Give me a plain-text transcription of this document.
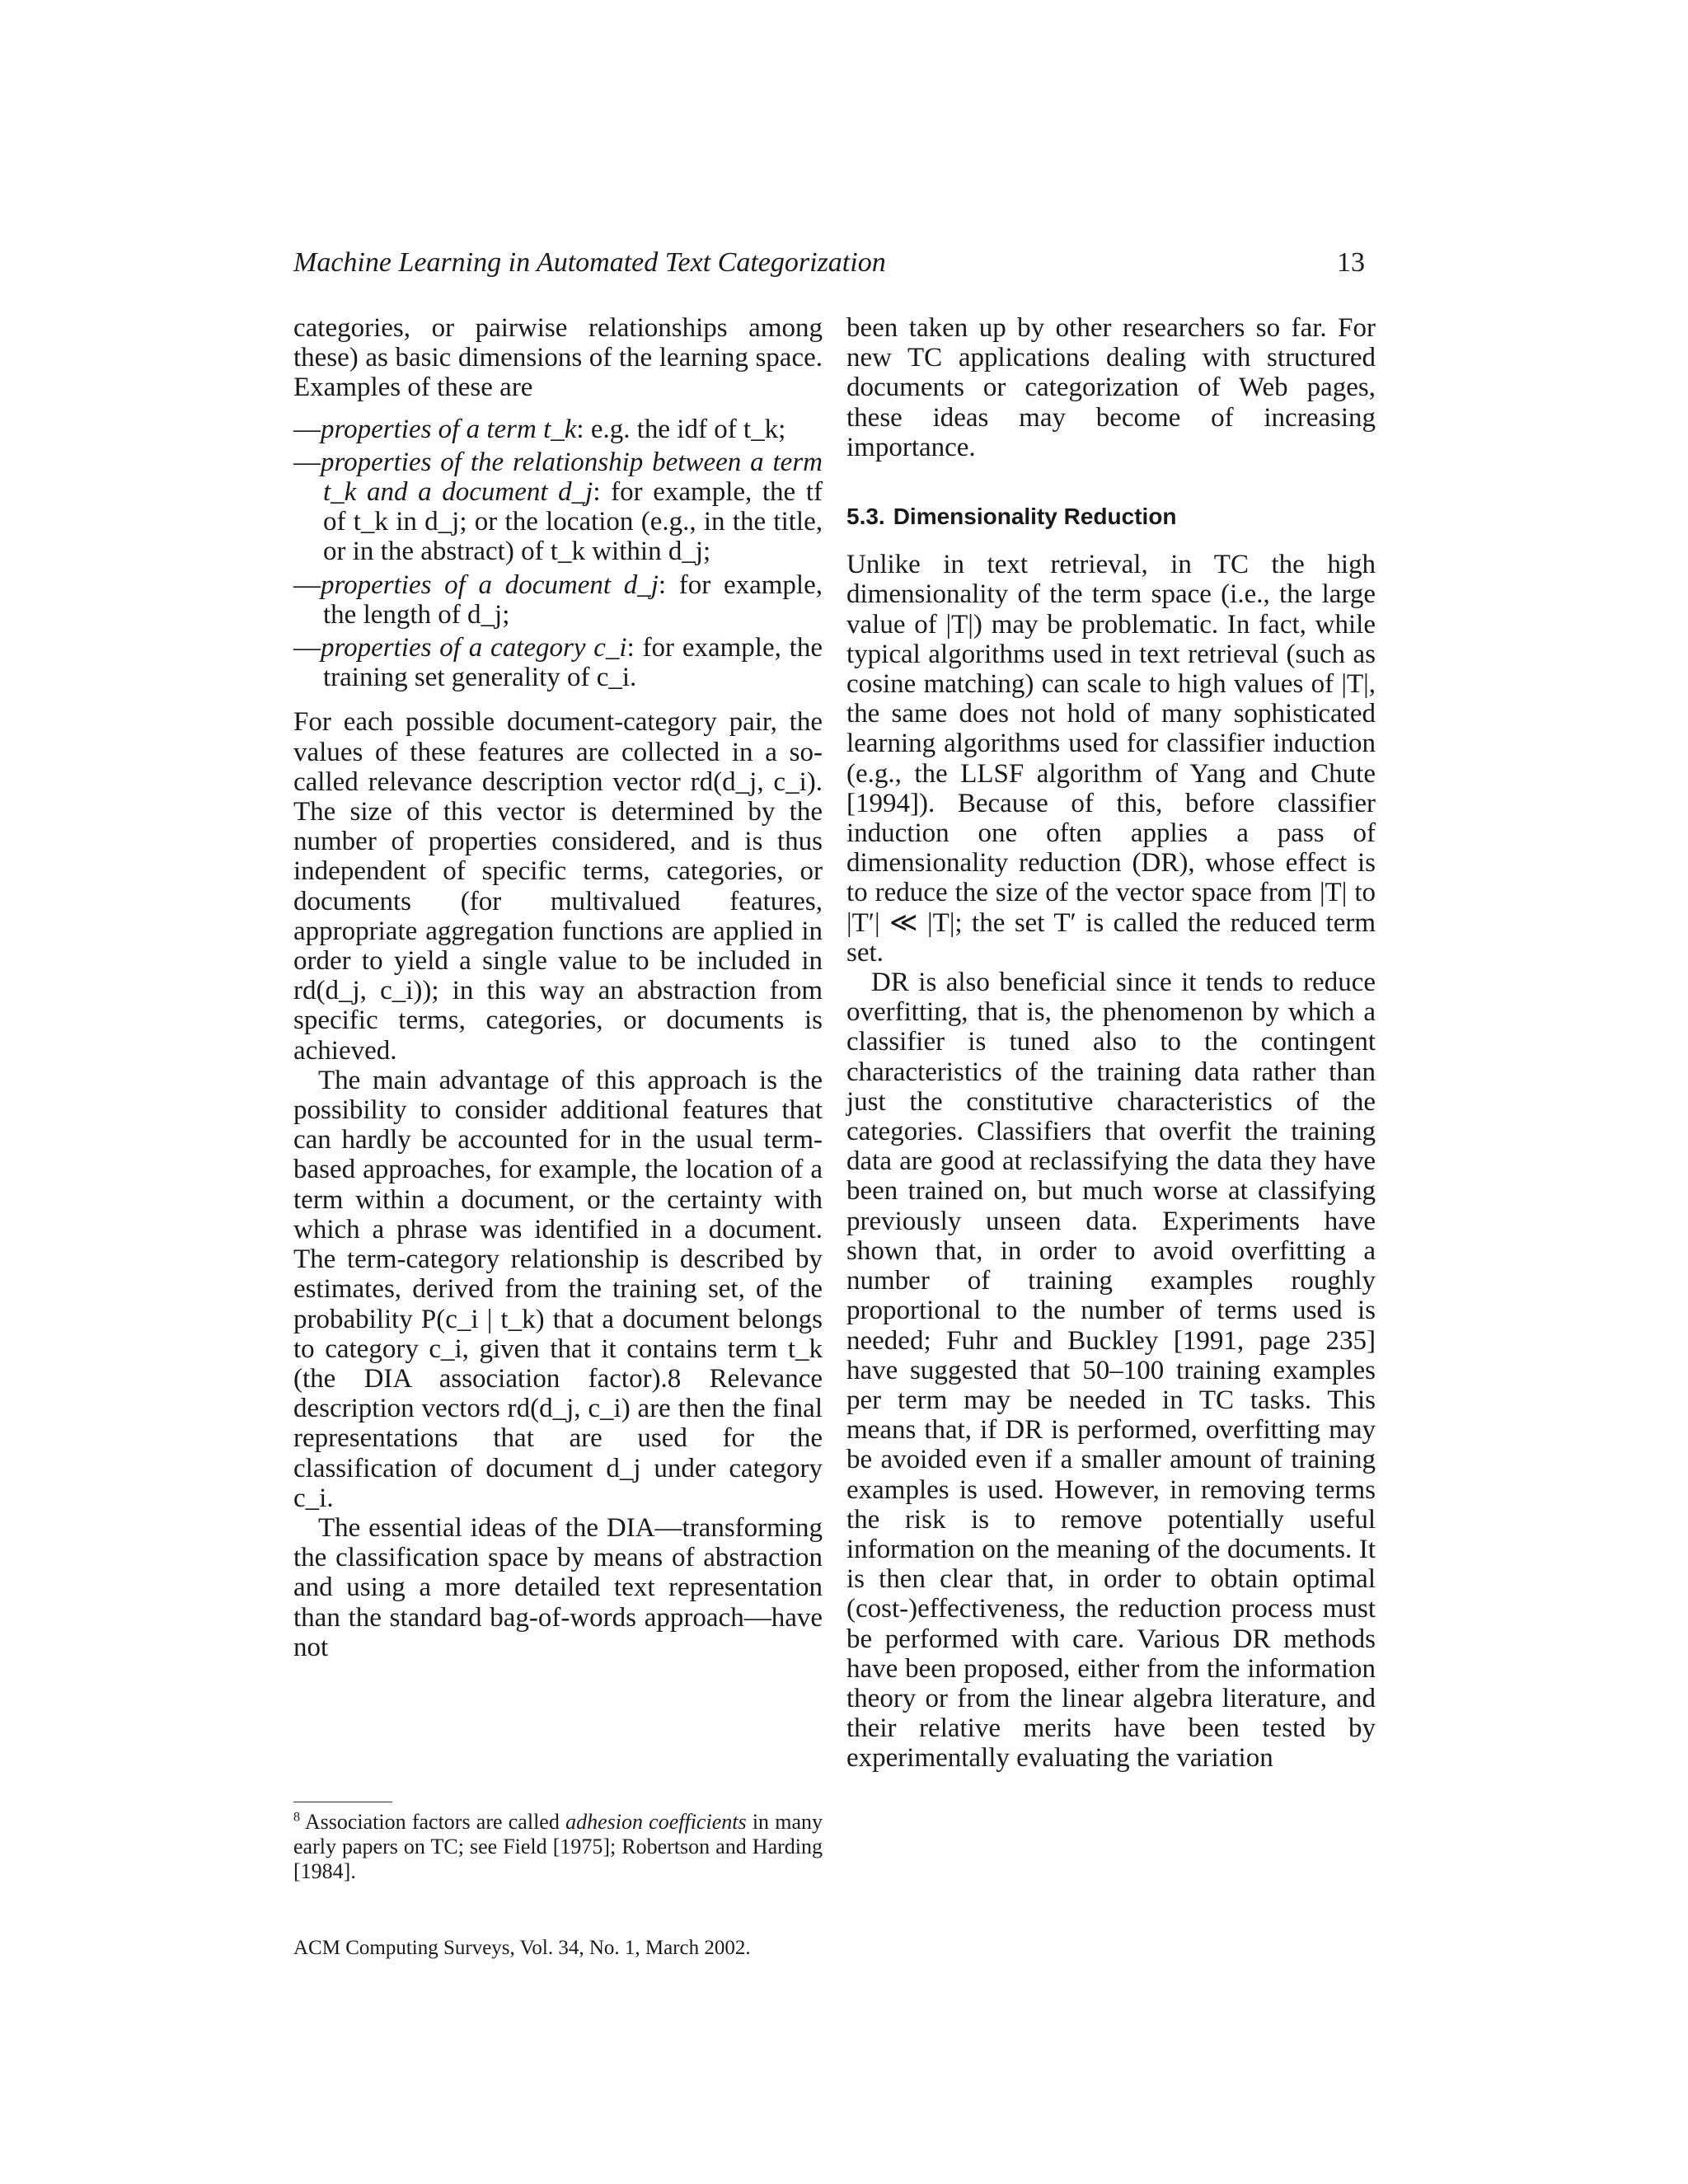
Machine Learning in Automated Text Categorization	13

categories, or pairwise relationships among these) as basic dimensions of the learning space. Examples of these are

—properties of a term t_k: e.g. the idf of t_k;
—properties of the relationship between a term t_k and a document d_j: for example, the tf of t_k in d_j; or the location (e.g., in the title, or in the abstract) of t_k within d_j;
—properties of a document d_j: for example, the length of d_j;
—properties of a category c_i: for example, the training set generality of c_i.

For each possible document-category pair, the values of these features are collected in a so-called relevance description vector rd(d_j, c_i). The size of this vector is determined by the number of properties considered, and is thus independent of specific terms, categories, or documents (for multivalued features, appropriate aggregation functions are applied in order to yield a single value to be included in rd(d_j, c_i)); in this way an abstraction from specific terms, categories, or documents is achieved.

The main advantage of this approach is the possibility to consider additional features that can hardly be accounted for in the usual term-based approaches, for example, the location of a term within a document, or the certainty with which a phrase was identified in a document. The term-category relationship is described by estimates, derived from the training set, of the probability P(c_i | t_k) that a document belongs to category c_i, given that it contains term t_k (the DIA association factor).8 Relevance description vectors rd(d_j, c_i) are then the final representations that are used for the classification of document d_j under category c_i.

The essential ideas of the DIA—transforming the classification space by means of abstraction and using a more detailed text representation than the standard bag-of-words approach—have not

been taken up by other researchers so far. For new TC applications dealing with structured documents or categorization of Web pages, these ideas may become of increasing importance.

5.3. Dimensionality Reduction

Unlike in text retrieval, in TC the high dimensionality of the term space (i.e., the large value of |T|) may be problematic. In fact, while typical algorithms used in text retrieval (such as cosine matching) can scale to high values of |T|, the same does not hold of many sophisticated learning algorithms used for classifier induction (e.g., the LLSF algorithm of Yang and Chute [1994]). Because of this, before classifier induction one often applies a pass of dimensionality reduction (DR), whose effect is to reduce the size of the vector space from |T| to |T′| ≪ |T|; the set T′ is called the reduced term set.

DR is also beneficial since it tends to reduce overfitting, that is, the phenomenon by which a classifier is tuned also to the contingent characteristics of the training data rather than just the constitutive characteristics of the categories. Classifiers that overfit the training data are good at reclassifying the data they have been trained on, but much worse at classifying previously unseen data. Experiments have shown that, in order to avoid overfitting a number of training examples roughly proportional to the number of terms used is needed; Fuhr and Buckley [1991, page 235] have suggested that 50–100 training examples per term may be needed in TC tasks. This means that, if DR is performed, overfitting may be avoided even if a smaller amount of training examples is used. However, in removing terms the risk is to remove potentially useful information on the meaning of the documents. It is then clear that, in order to obtain optimal (cost-)effectiveness, the reduction process must be performed with care. Various DR methods have been proposed, either from the information theory or from the linear algebra literature, and their relative merits have been tested by experimentally evaluating the variation

$^8$ Association factors are called adhesion coefficients in many early papers on TC; see Field [1975]; Robertson and Harding [1984].
ACM Computing Surveys, Vol. 34, No. 1, March 2002.
